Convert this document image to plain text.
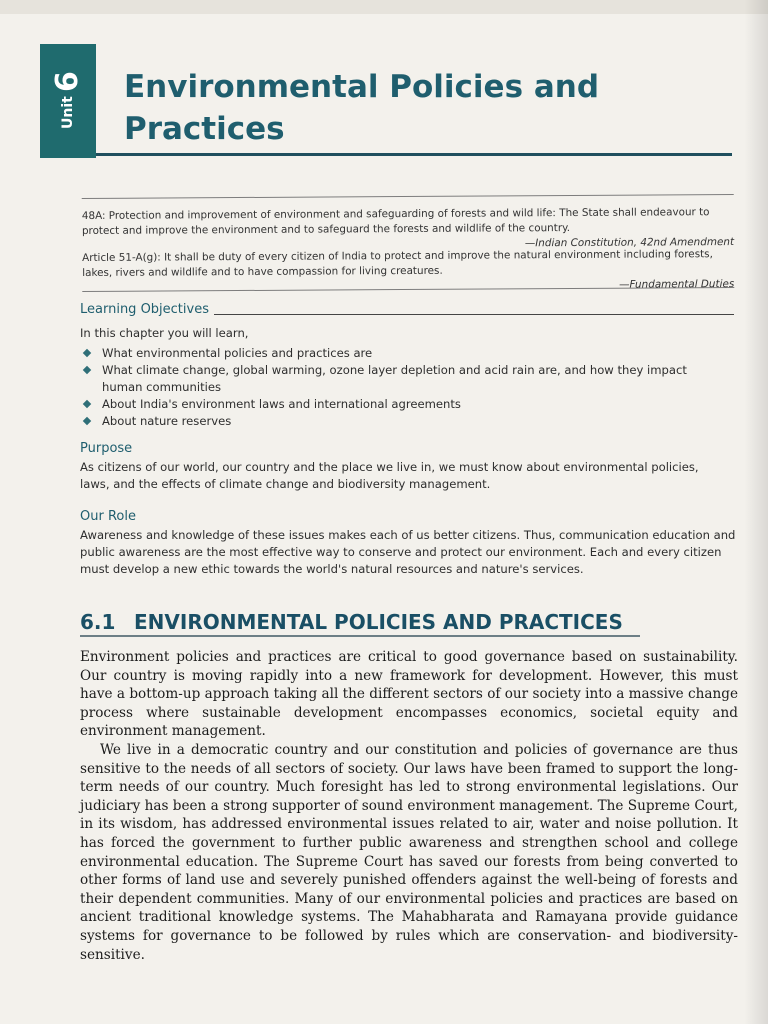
Unit
6 Environmental Policies and Practices

48A: Protection and improvement of environment and safeguarding of forests and wild life: The State shall endeavour to protect and improve the environment and to safeguard the forests and wildlife of the country.
—Indian Constitution, 42nd Amendment

Article 51-A(g): It shall be duty of every citizen of India to protect and improve the natural environment including forests, lakes, rivers and wildlife and to have compassion for living creatures.
—Fundamental Duties

Learning Objectives

In this chapter you will learn,

What environmental policies and practices are
What climate change, global warming, ozone layer depletion and acid rain are, and how they impact human communities
About India's environment laws and international agreements
About nature reserves
Purpose

As citizens of our world, our country and the place we live in, we must know about environmental policies, laws, and the effects of climate change and biodiversity management.

Our Role

Awareness and knowledge of these issues makes each of us better citizens. Thus, communication education and public awareness are the most effective way to conserve and protect our environment. Each and every citizen must develop a new ethic towards the world's natural resources and nature's services.

6.1 ENVIRONMENTAL POLICIES AND PRACTICES

Environment policies and practices are critical to good governance based on sustainability. Our country is moving rapidly into a new framework for development. However, this must have a bottom-up approach taking all the different sectors of our society into a massive change process where sustainable development encompasses economics, societal equity and environment management.

We live in a democratic country and our constitution and policies of governance are thus sensitive to the needs of all sectors of society. Our laws have been framed to support the long-term needs of our country. Much foresight has led to strong environmental legislations. Our judiciary has been a strong supporter of sound environment management. The Supreme Court, in its wisdom, has addressed environmental issues related to air, water and noise pollution. It has forced the government to further public awareness and strengthen school and college environmental education. The Supreme Court has saved our forests from being converted to other forms of land use and severely punished offenders against the well-being of forests and their dependent communities. Many of our environmental policies and practices are based on ancient traditional knowledge systems. The Mahabharata and Ramayana provide guidance systems for governance to be followed by rules which are conservation- and biodiversity-sensitive.
